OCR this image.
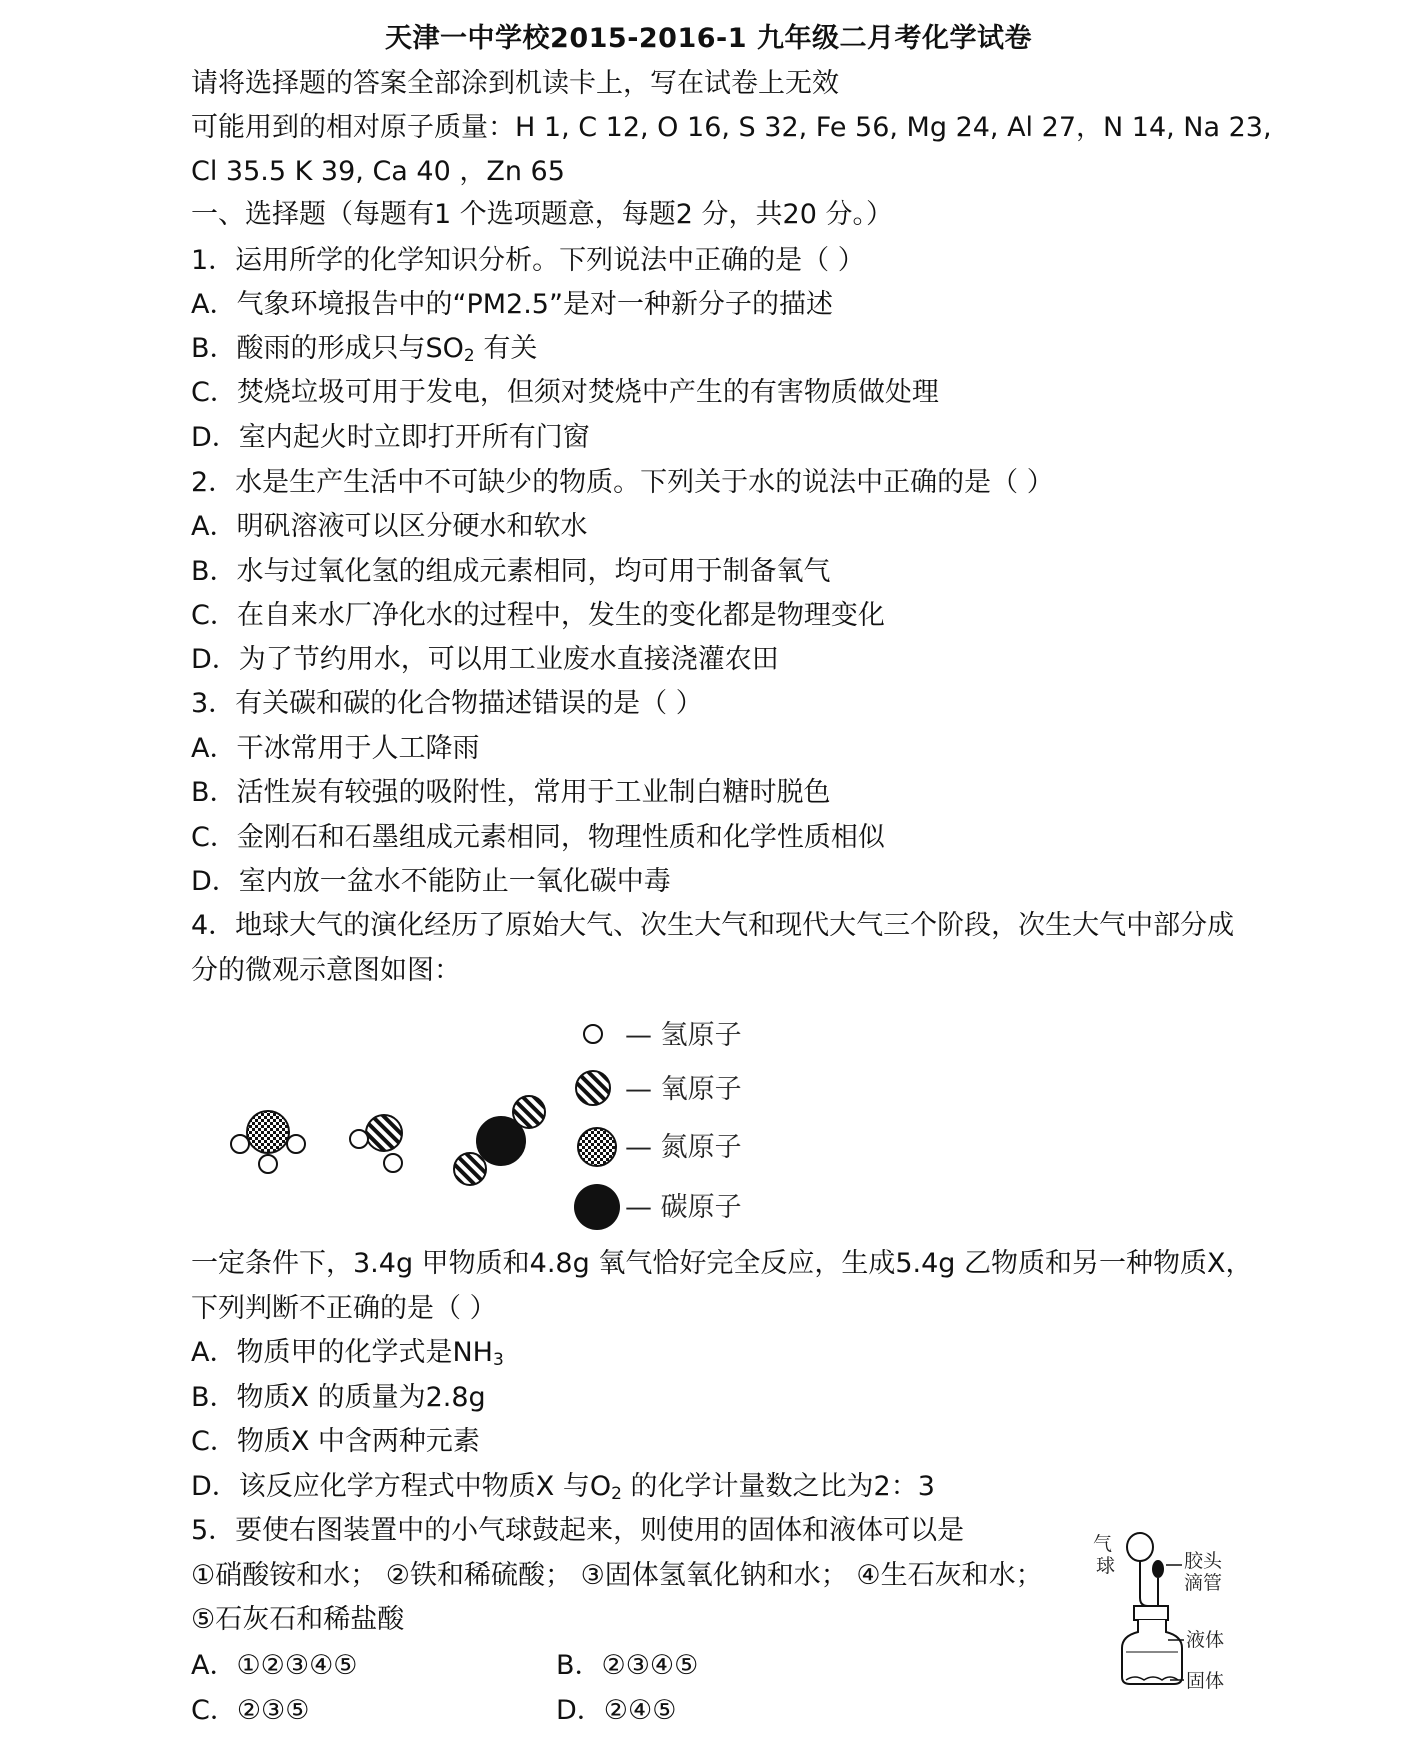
天津一中学校2015-2016-1 九年级二月考化学试卷
请将选择题的答案全部涂到机读卡上，写在试卷上无效
可能用到的相对原子质量：H 1, C 12, O 16, S 32, Fe 56, Mg 24, Al 27，N 14, Na 23,
Cl 35.5 K 39, Ca 40 ，Zn 65
一、选择题（每题有1 个选项题意，每题2 分，共20 分。）
1．运用所学的化学知识分析。下列说法中正确的是（ ）
A．气象环境报告中的“PM2.5”是对一种新分子的描述
B．酸雨的形成只与$SO_2$ 有关
C．焚烧垃圾可用于发电，但须对焚烧中产生的有害物质做处理
D．室内起火时立即打开所有门窗
2．水是生产生活中不可缺少的物质。下列关于水的说法中正确的是（ ）
A．明矾溶液可以区分硬水和软水
B．水与过氧化氢的组成元素相同，均可用于制备氧气
C．在自来水厂净化水的过程中，发生的变化都是物理变化
D．为了节约用水，可以用工业废水直接浇灌农田
3．有关碳和碳的化合物描述错误的是（ ）
A．干冰常用于人工降雨
B．活性炭有较强的吸附性，常用于工业制白糖时脱色
C．金刚石和石墨组成元素相同，物理性质和化学性质相似
D．室内放一盆水不能防止一氧化碳中毒
4．地球大气的演化经历了原始大气、次生大气和现代大气三个阶段，次生大气中部分成
分的微观示意图如图：
— 氢原子
— 氧原子
— 氮原子
— 碳原子
气
球	胶头
滴管
液体
固体
一定条件下，3.4g 甲物质和4.8g 氧气恰好完全反应，生成5.4g 乙物质和另一种物质X，
下列判断不正确的是（ ）
A．物质甲的化学式是$NH_3$
B．物质X 的质量为2.8g
C．物质X 中含两种元素
D．该反应化学方程式中物质X 与$O_2$ 的化学计量数之比为2：3
5．要使右图装置中的小气球鼓起来，则使用的固体和液体可以是
①硝酸铵和水； ②铁和稀硫酸； ③固体氢氧化钠和水； ④生石灰和水；
⑤石灰石和稀盐酸
A．①②③④⑤	B．②③④⑤
C．②③⑤	D．②④⑤
